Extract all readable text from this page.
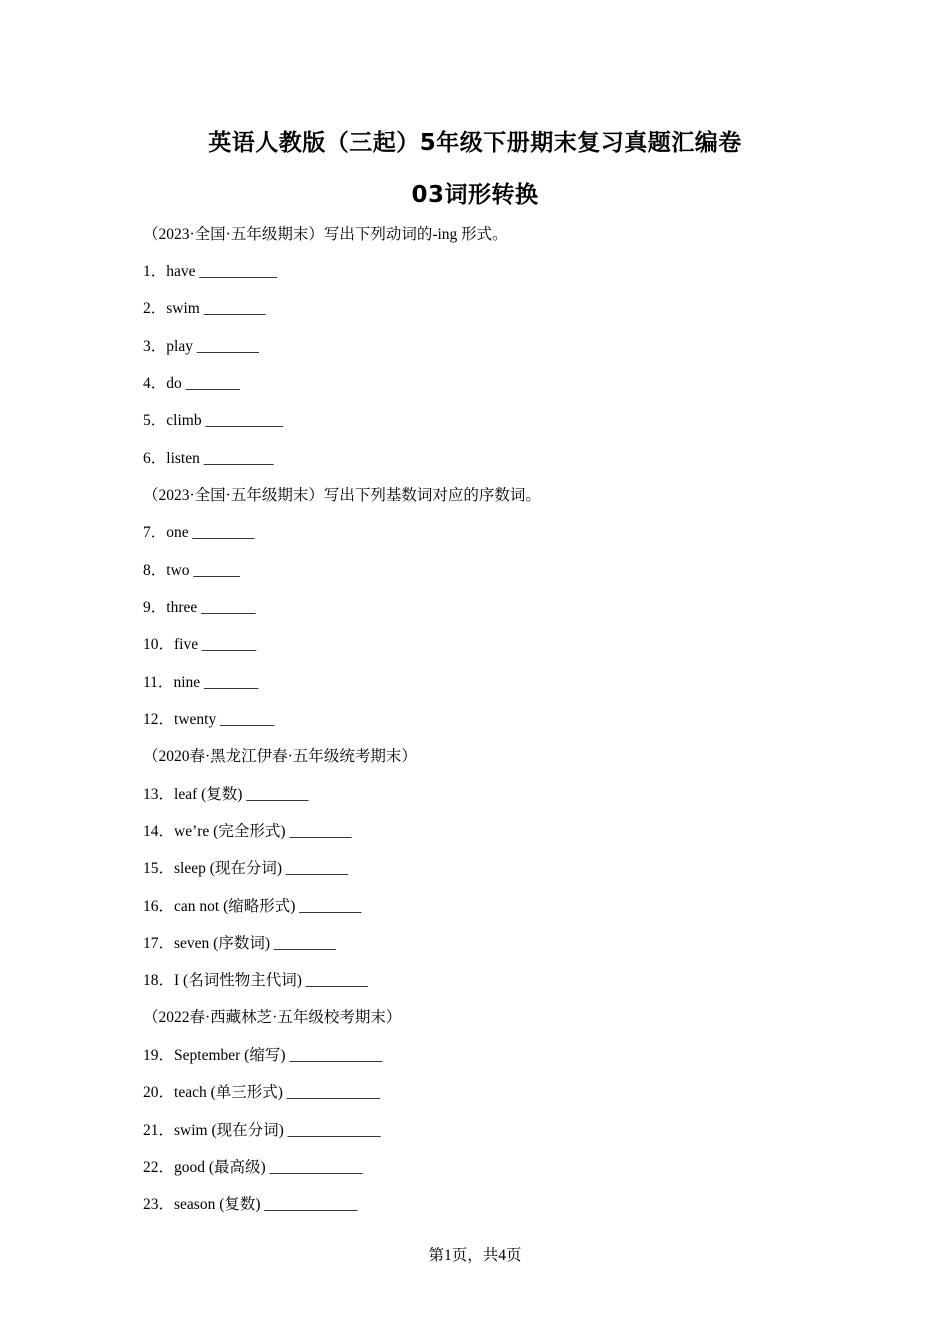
英语人教版（三起）5年级下册期末复习真题汇编卷
03词形转换
（2023·全国·五年级期末）写出下列动词的-ing 形式。
1．have __________
2．swim ________
3．play ________
4．do _______
5．climb __________
6．listen _________
（2023·全国·五年级期末）写出下列基数词对应的序数词。
7．one ________
8．two ______
9．three _______
10．five _______
11．nine _______
12．twenty _______
（2020春·黑龙江伊春·五年级统考期末）
13．leaf (复数) ________
14．we’re (完全形式) ________
15．sleep (现在分词) ________
16．can not (缩略形式) ________
17．seven (序数词) ________
18．I (名词性物主代词) ________
（2022春·西藏林芝·五年级校考期末）
19．September (缩写) ____________
20．teach (单三形式) ____________
21．swim (现在分词) ____________
22．good (最高级) ____________
23．season (复数) ____________
第1页，共4页
